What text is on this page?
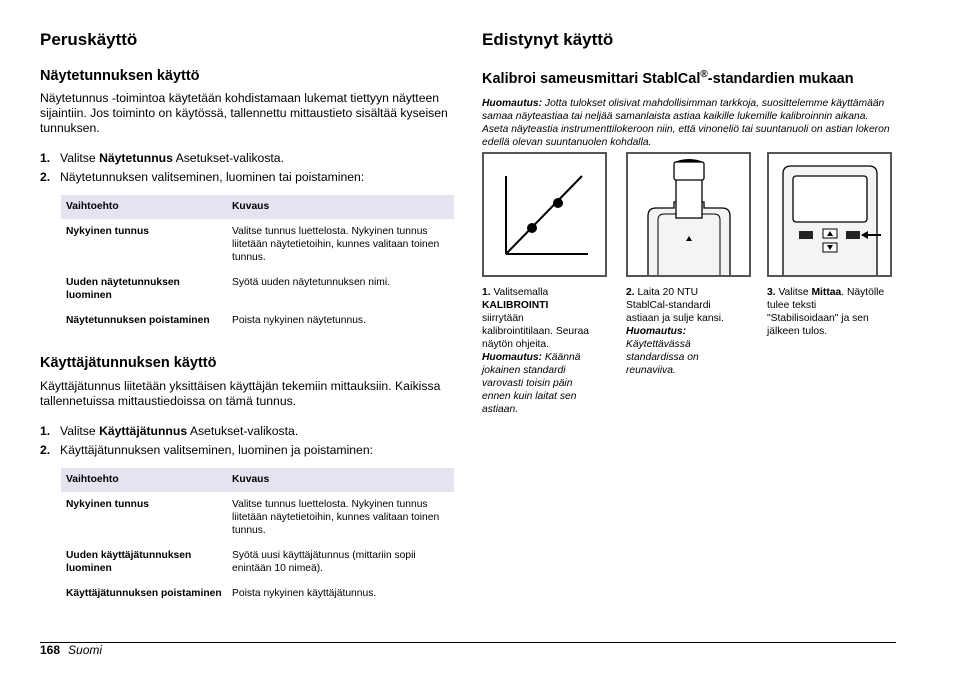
Peruskäyttö
Näytetunnuksen käyttö

Näytetunnus -toimintoa käytetään kohdistamaan lukemat tiettyyn näytteen sijaintiin. Jos toiminto on käytössä, tallennettu mittaustieto sisältää kyseisen tunnuksen.

1. Valitse Näytetunnus Asetukset-valikosta.
2. Näytetunnuksen valitseminen, luominen tai poistaminen:
Vaihtoehto	Kuvaus
Nykyinen tunnus	Valitse tunnus luettelosta. Nykyinen tunnus liitetään näytetietoihin, kunnes valitaan toinen tunnus.
Uuden näytetunnuksen luominen	Syötä uuden näytetunnuksen nimi.
Näytetunnuksen poistaminen	Poista nykyinen näytetunnus.
Käyttäjätunnuksen käyttö

Käyttäjätunnus liitetään yksittäisen käyttäjän tekemiin mittauksiin. Kaikissa tallennetuissa mittaustiedoissa on tämä tunnus.

1. Valitse Käyttäjätunnus Asetukset-valikosta.
2. Käyttäjätunnuksen valitseminen, luominen ja poistaminen:
Vaihtoehto	Kuvaus
Nykyinen tunnus	Valitse tunnus luettelosta. Nykyinen tunnus liitetään näytetietoihin, kunnes valitaan toinen tunnus.
Uuden käyttäjätunnuksen luominen	Syötä uusi käyttäjätunnus (mittariin sopii enintään 10 nimeä).
Käyttäjätunnuksen poistaminen	Poista nykyinen käyttäjätunnus.
Edistynyt käyttö
Kalibroi sameusmittari StablCal®-standardien mukaan

Huomautus: Jotta tulokset olisivat mahdollisimman tarkkoja, suosittelemme käyttämään samaa näyteastiaa tai neljää samanlaista astiaa kaikille lukemille kalibroinnin aikana. Aseta näyteastia instrumenttilokeroon niin, että vinoneliö tai suuntanuoli on astian lokeron edellä olevan suuntanuolen kohdalla.

1. Valitsemalla
KALIBROINTI
siirrytään kalibrointitilaan. Seuraa näytön ohjeita.
Huomautus: Käännä jokainen standardi varovasti toisin päin ennen kuin laitat sen astiaan.
2. Laita 20 NTU StablCal-standardi astiaan ja sulje kansi.
Huomautus: Käytettävässä standardissa on reunaviiva.
3. Valitse Mittaa. Näytölle tulee teksti "Stabilisoidaan" ja sen jälkeen tulos.
168 Suomi
